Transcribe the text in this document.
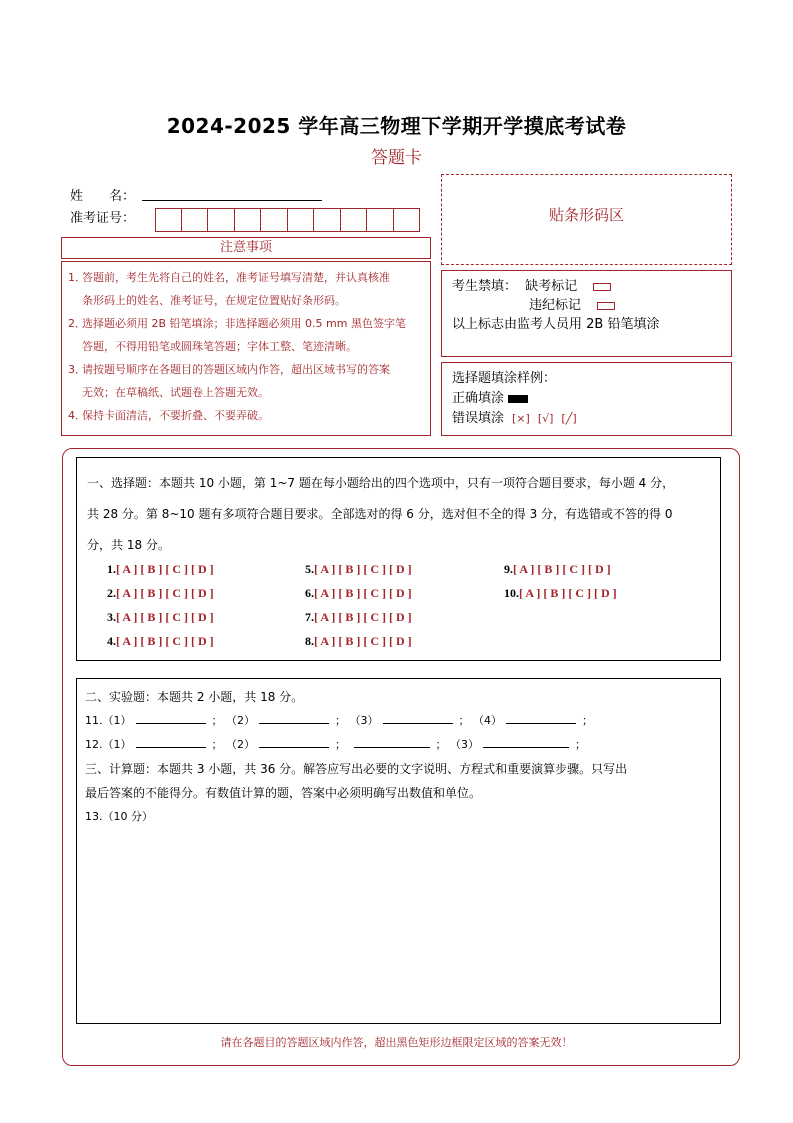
2024-2025 学年高三物理下学期开学摸底考试卷
答题卡
姓　　名：
准考证号：
注意事项
1．答题前，考生先将自己的姓名，准考证号填写清楚，并认真核准
条形码上的姓名、准考证号，在规定位置贴好条形码。
2．选择题必须用 2B 铅笔填涂；非选择题必须用 0.5 mm 黑色签字笔
答题，不得用铅笔或圆珠笔答题；字体工整、笔迹清晰。
3．请按题号顺序在各题目的答题区域内作答，超出区域书写的答案
无效；在草稿纸、试题卷上答题无效。
4．保持卡面清洁，不要折叠、不要弄破。
贴条形码区
考生禁填： 缺考标记
违纪标记
以上标志由监考人员用 2B 铅笔填涂
选择题填涂样例：
正确填涂
错误填涂 [×] [√] [╱]
一、选择题：本题共 10 小题，第 1~7 题在每小题给出的四个选项中，只有一项符合题目要求，每小题 4 分，
共 28 分。第 8~10 题有多项符合题目要求。全部选对的得 6 分，选对但不全的得 3 分，有选错或不答的得 0
分，共 18 分。
1.[ A ] [ B ] [ C ] [ D ]
2.[ A ] [ B ] [ C ] [ D ]
3.[ A ] [ B ] [ C ] [ D ]
4.[ A ] [ B ] [ C ] [ D ]
5.[ A ] [ B ] [ C ] [ D ]
6.[ A ] [ B ] [ C ] [ D ]
7.[ A ] [ B ] [ C ] [ D ]
8.[ A ] [ B ] [ C ] [ D ]
9.[ A ] [ B ] [ C ] [ D ]
10.[ A ] [ B ] [ C ] [ D ]
二、实验题：本题共 2 小题，共 18 分。
11.（1）	； （2）	； （3）	； （4）	；
12.（1）	； （2）	；	； （3）	；
三、计算题：本题共 3 小题，共 36 分。解答应写出必要的文字说明、方程式和重要演算步骤。只写出
最后答案的不能得分。有数值计算的题，答案中必须明确写出数值和单位。
13.（10 分）
请在各题目的答题区域内作答，超出黑色矩形边框限定区域的答案无效！
